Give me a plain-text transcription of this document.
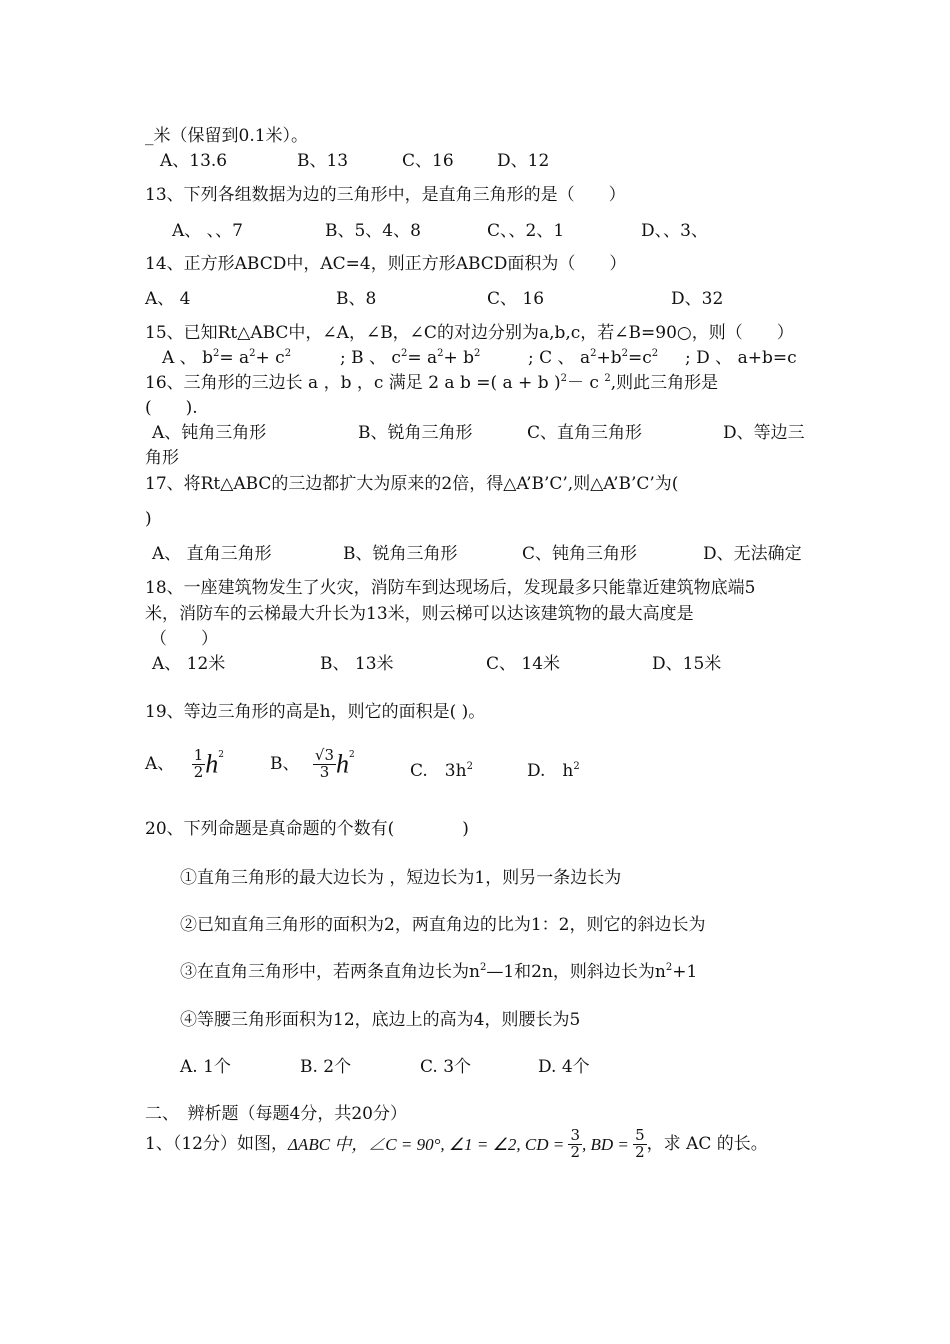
_米（保留到0.1米）。
A、13.6	B、13	C、16	D、12
13、下列各组数据为边的三角形中，是直角三角形的是（　　）
A、 、、7	B、5、4、8	C、、2、1	D、、3、
14、正方形ABCD中，AC=4，则正方形ABCD面积为（　　）
A、 4	B、8	C、 16	D、32
15、已知Rt△ABC中，∠A，∠B，∠C的对边分别为a,b,c，若∠B=90○，则（　　）
A 、 $b^2= a^2+ c^2$	; B 、 $c^2= a^2+ b^2$	; C 、 $a^2+b^2=c^2$ ; D 、 a+b=c
16、三角形的三边长 a ，b ，c 满足 2 a b =( a + b )$^2$－ c $^2$,则此三角形是
(　　).
A、钝角三角形	B、锐角三角形	C、直角三角形	D、等边三
角形
17、将Rt△ABC的三边都扩大为原来的2倍，得△A’B’C’,则△A’B’C’为(
)
A、 直角三角形	B、锐角三角形	C、钝角三角形	D、无法确定
18、一座建筑物发生了火灾，消防车到达现场后，发现最多只能靠近建筑物底端5
米，消防车的云梯最大升长为13米，则云梯可以达该建筑物的最大高度是
（　　）
A、 12米	B、 13米	C、 14米	D、15米
19、等边三角形的高是h，则它的面积是( )。
A、 $\frac{1}{2} h^2$	B、 $\frac{√3}{3} h^2$
C.　$3h^2$	D.　$h^2$
20、下列命题是真命题的个数有(　　　　)
①直角三角形的最大边长为 ，短边长为1，则另一条边长为
②已知直角三角形的面积为2，两直角边的比为1：2，则它的斜边长为
③在直角三角形中，若两条直角边长为$n^2—1$和2n，则斜边长为$n^2+1$
④等腰三角形面积为12，底边上的高为4，则腰长为5
A. 1个	B. 2个	C. 3个	D. 4个
二、　辨析题（每题4分，共20分）
1、（12分）如图，ΔABC 中，∠C = 90°, ∠1 = ∠2, CD = $\frac{3}{2}$ , BD = $\frac{5}{2}$ ，求 AC 的长。
